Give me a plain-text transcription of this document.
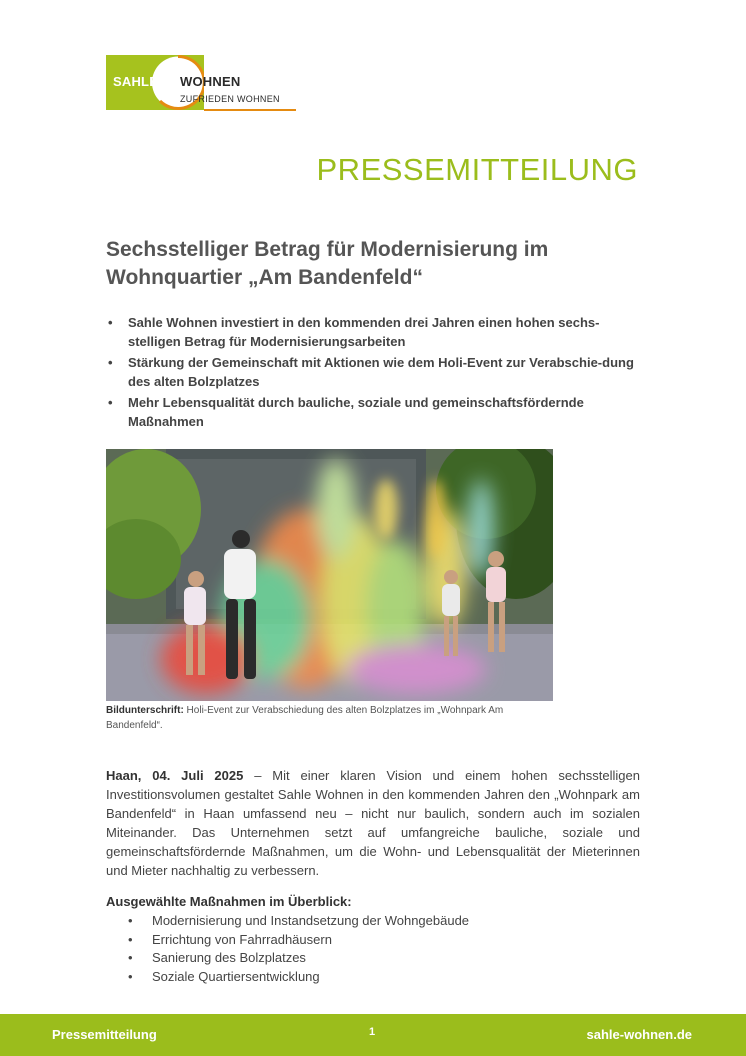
SAHLE WOHNEN
ZUFRIEDEN WOHNEN
PRESSEMITTEILUNG
Sechsstelliger Betrag für Modernisierung im Wohnquartier „Am Bandenfeld“
• Sahle Wohnen investiert in den kommenden drei Jahren einen hohen sechs-stelligen Betrag für Modernisierungsarbeiten
• Stärkung der Gemeinschaft mit Aktionen wie dem Holi-Event zur Verabschie-dung des alten Bolzplatzes
• Mehr Lebensqualität durch bauliche, soziale und gemeinschaftsfördernde Maßnahmen
Bildunterschrift: Holi-Event zur Verabschiedung des alten Bolzplatzes im „Wohnpark Am Bandenfeld“.

Haan, 04. Juli 2025 – Mit einer klaren Vision und einem hohen sechsstelligen Investitionsvolumen gestaltet Sahle Wohnen in den kommenden Jahren den „Wohnpark am Bandenfeld“ in Haan umfassend neu – nicht nur baulich, sondern auch im sozialen Miteinander. Das Unternehmen setzt auf umfangreiche bauliche, soziale und gemeinschaftsfördernde Maßnahmen, um die Wohn- und Lebensqualität der Mieterinnen und Mieter nachhaltig zu verbessern.

Ausgewählte Maßnahmen im Überblick:
• Modernisierung und Instandsetzung der Wohngebäude
• Errichtung von Fahrradhäusern
• Sanierung des Bolzplatzes
• Soziale Quartiersentwicklung
Pressemitteilung	1	sahle-wohnen.de
